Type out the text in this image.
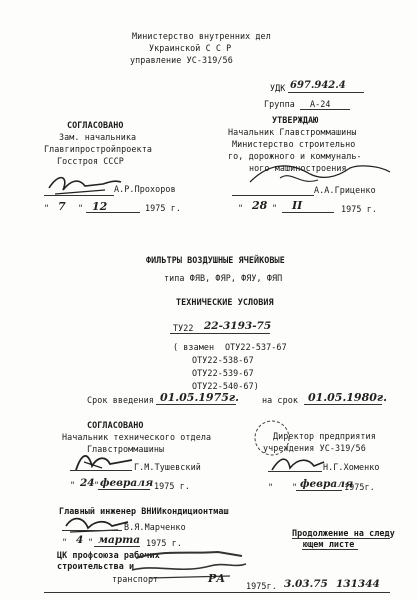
Министерство внутренних дел
Украинской С С Р
управление УС-319/56
УДК 697.942.4
Группа А-24
СОГЛАСОВАНО
Зам. начальника
Главгипростройпроекта
Госстроя СССР
А.Р.Прохоров
" 7 " 12	1975 г.
УТВЕРЖДАЮ
Начальник Главстроммашины
Министерство строительно
го, дорожного и коммуналь-
ного машиностроения
А.А.Гриценко
" 28 " II	1975 г.
ФИЛЬТРЫ ВОЗДУШНЫЕ ЯЧЕЙКОВЫЕ
типа ФЯВ, ФЯР, ФЯУ, ФЯП
ТЕХНИЧЕСКИЕ УСЛОВИЯ
ТУ22 22-3193-75
( взамен ОТУ22-537-67
ОТУ22-538-67
ОТУ22-539-67
ОТУ22-540-67)
Срок введения 01.05.1975г.	на срок 01.05.1980г.
СОГЛАСОВАНО
Начальник технического отдела
Главстроммашины
Г.М.Тушевский
" 24 " февраля 1975 г.
Директор предприятия
учреждения УС-319/56
Н.Г.Хоменко
" " февраля
1975г.
Главный инженер ВНИИкондиционтмаш
В.Я.Марченко
" 4 " марта 1975 г.
Продолжение на следу
ющем листе
ЦК профсоюза рабочих
строительства и
транспорт	РА
1975г. 3.03.75 131344
